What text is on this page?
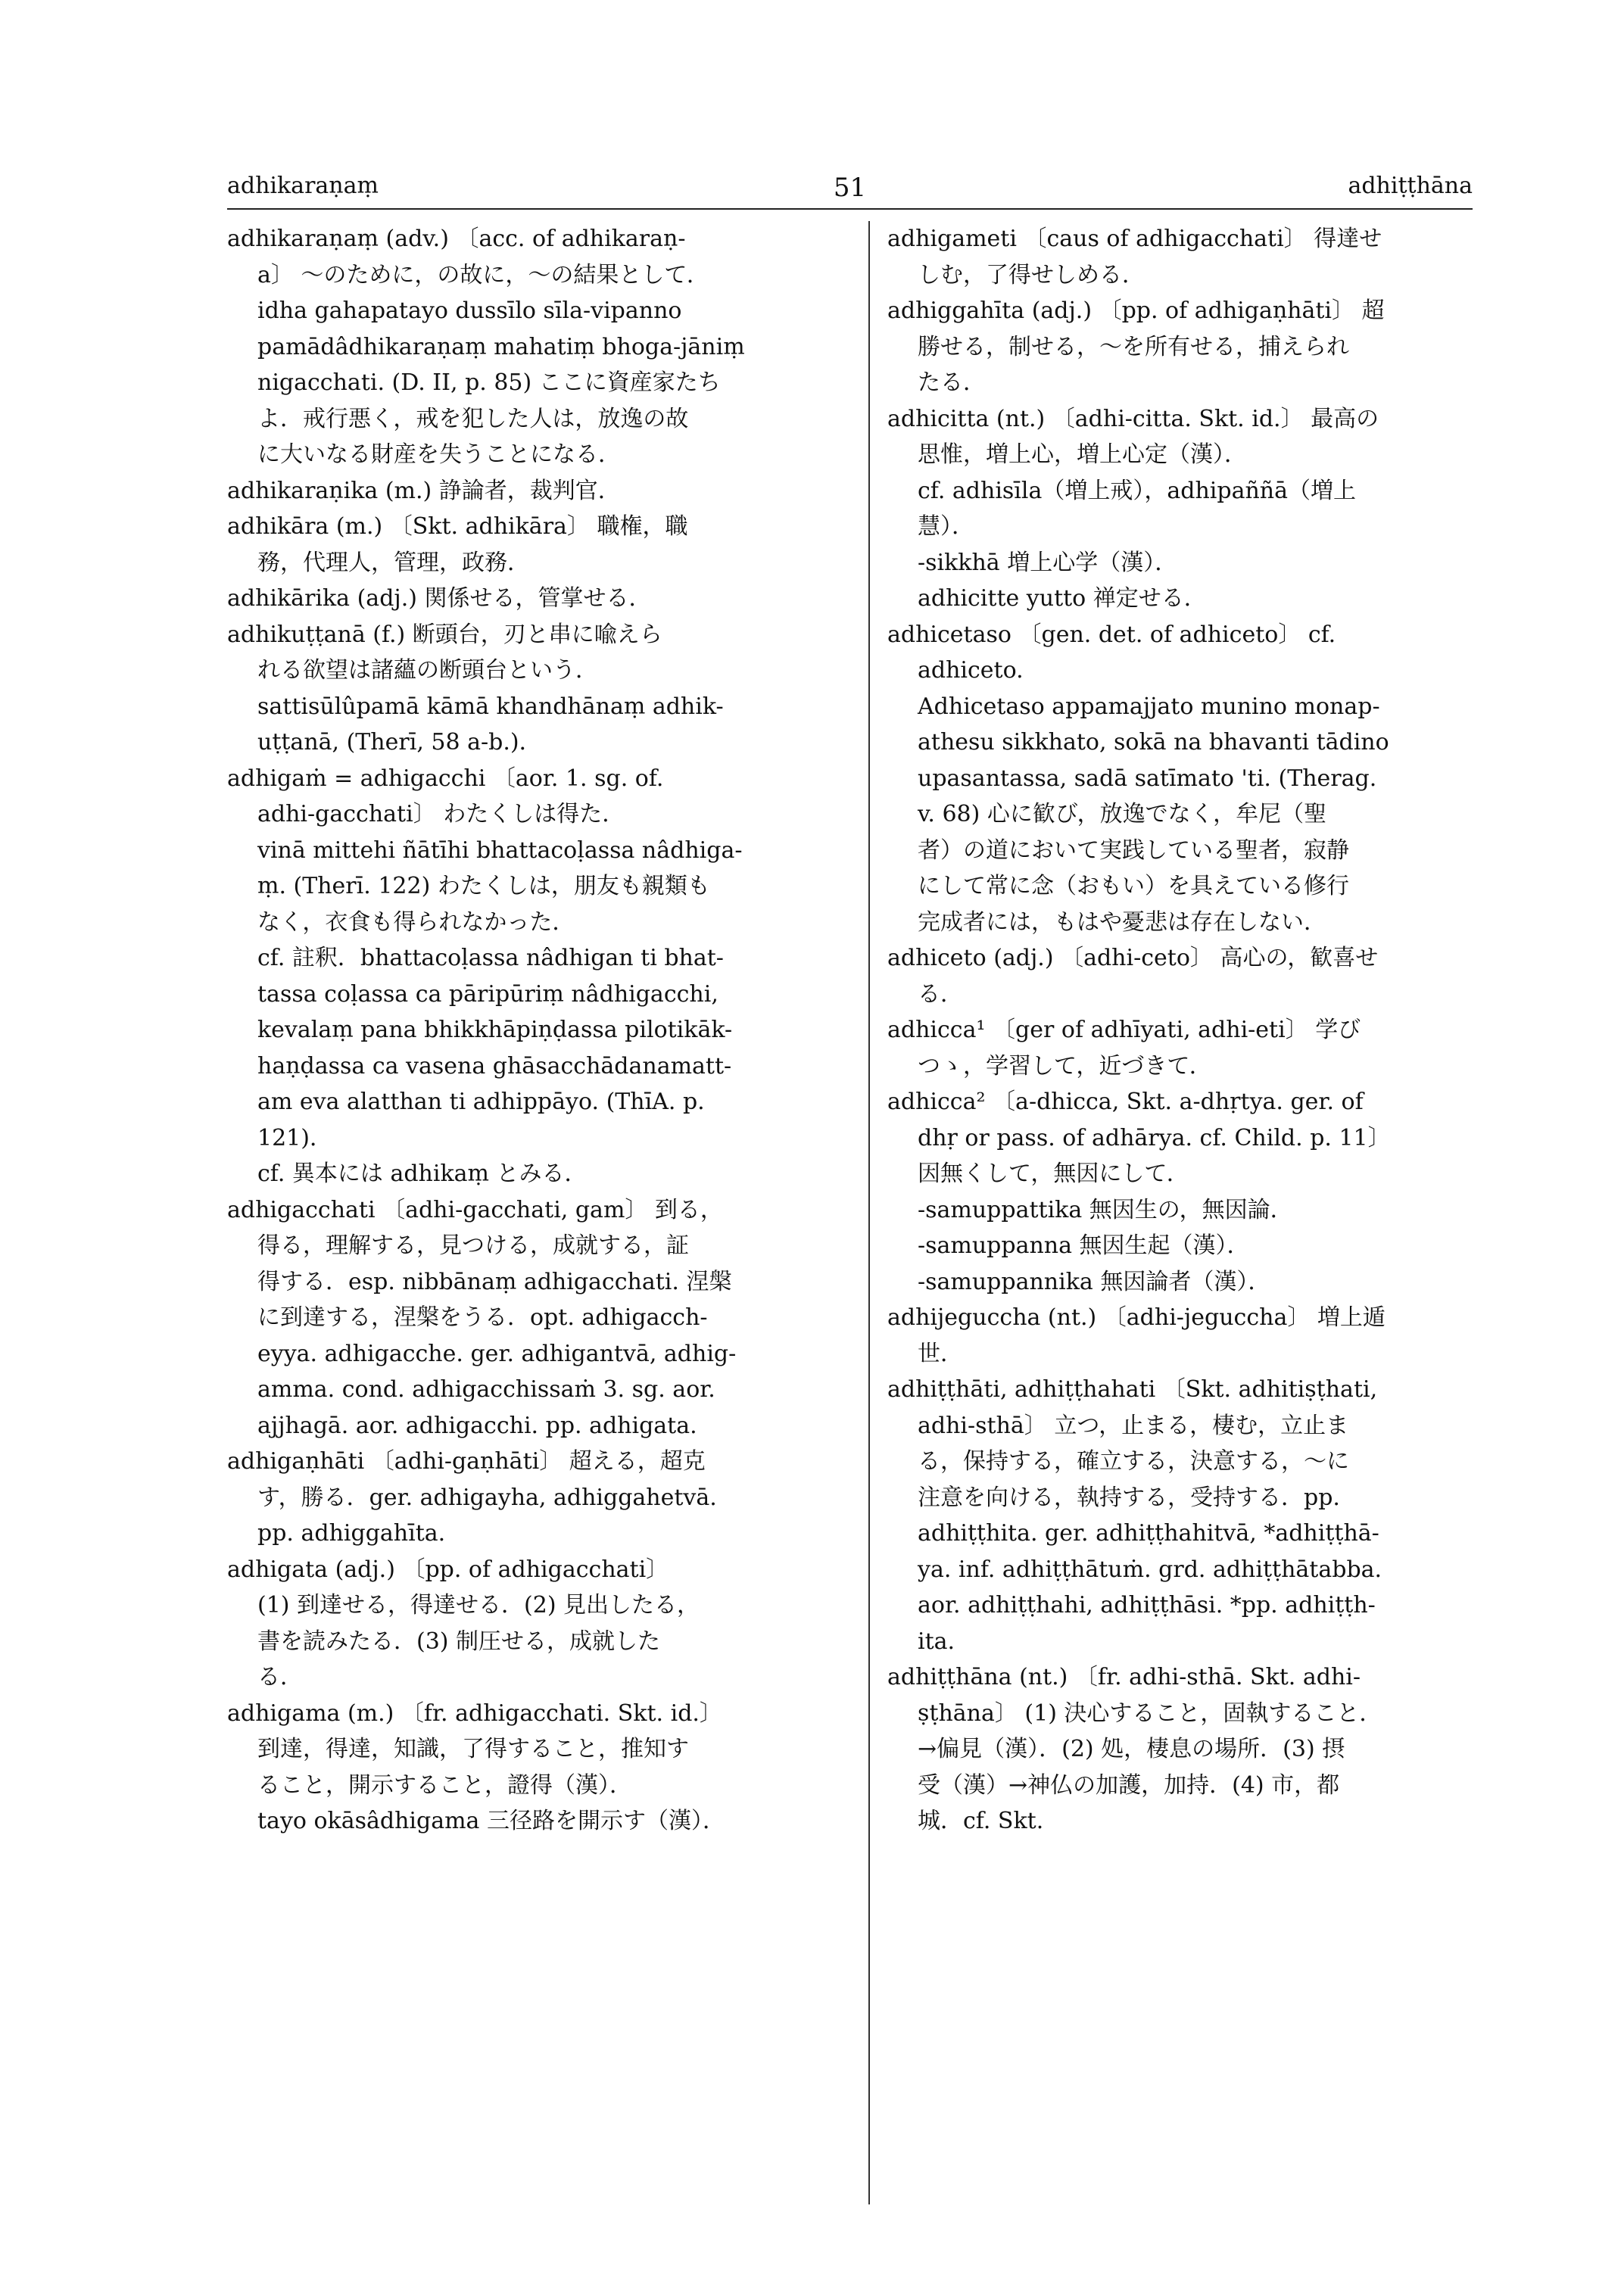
adhikaraṇaṃ	51	adhiṭṭhāna
adhikaraṇaṃ (adv.) 〔acc. of adhikaraṇ-
a〕 ～のために，の故に，～の結果として．
idha gahapatayo dussīlo sīla-vipanno
pamādâdhikaraṇaṃ mahatiṃ bhoga-jāniṃ
nigacchati. (D. II, p. 85) ここに資産家たち
よ．戒行悪く，戒を犯した人は，放逸の故
に大いなる財産を失うことになる．
adhikaraṇika (m.) 諍論者，裁判官．
adhikāra (m.) 〔Skt. adhikāra〕 職権，職
務，代理人，管理，政務．
adhikārika (adj.) 関係せる，管掌せる．
adhikuṭṭanā (f.) 断頭台，刃と串に喩えら
れる欲望は諸蘊の断頭台という．
sattisūlûpamā kāmā khandhānaṃ adhik-
uṭṭanā, (Therī, 58 a-b.)．
adhigaṁ = adhigacchi 〔aor. 1. sg. of.
adhi-gacchati〕 わたくしは得た．
vinā mittehi ñātīhi bhattacoḷassa nâdhiga-
ṃ. (Therī. 122) わたくしは，朋友も親類も
なく，衣食も得られなかった．
cf. 註釈．bhattacoḷassa nâdhigan ti bhat-
tassa coḷassa ca pāripūriṃ nâdhigacchi,
kevalaṃ pana bhikkhāpiṇḍassa pilotikāk-
haṇḍassa ca vasena ghāsacchādanamatt-
am eva alatthan ti adhippāyo. (ThīA. p.
121)．
cf. 異本には adhikaṃ とみる．
adhigacchati 〔adhi-gacchati, gam〕 到る，
得る，理解する，見つける，成就する，証
得する．esp. nibbānaṃ adhigacchati. 涅槃
に到達する，涅槃をうる．opt. adhigacch-
eyya. adhigacche. ger. adhigantvā, adhig-
amma. cond. adhigacchissaṁ 3. sg. aor.
ajjhagā. aor. adhigacchi. pp. adhigata.
adhigaṇhāti 〔adhi-gaṇhāti〕 超える，超克
す，勝る．ger. adhigayha, adhiggahetvā.
pp. adhiggahīta.
adhigata (adj.) 〔pp. of adhigacchati〕
(1) 到達せる，得達せる．(2) 見出したる，
書を読みたる．(3) 制圧せる，成就した
る．
adhigama (m.) 〔fr. adhigacchati. Skt. id.〕
到達，得達，知識，了得すること，推知す
ること，開示すること，證得（漢）．
tayo okāsâdhigama 三径路を開示す（漢）．
adhigameti 〔caus of adhigacchati〕 得達せ
しむ，了得せしめる．
adhiggahīta (adj.) 〔pp. of adhigaṇhāti〕 超
勝せる，制せる，～を所有せる，捕えられ
たる．
adhicitta (nt.) 〔adhi-citta. Skt. id.〕 最高の
思惟，増上心，増上心定（漢）．
cf. adhisīla（増上戒），adhipaññā（増上
慧）．
-sikkhā 増上心学（漢）．
adhicitte yutto 禅定せる．
adhicetaso 〔gen. det. of adhiceto〕 cf.
adhiceto.
Adhicetaso appamajjato munino monap-
athesu sikkhato, sokā na bhavanti tādino
upasantassa, sadā satīmato 'ti. (Therag.
v. 68) 心に歓び，放逸でなく，牟尼（聖
者）の道において実践している聖者，寂静
にして常に念（おもい）を具えている修行
完成者には，もはや憂悲は存在しない．
adhiceto (adj.) 〔adhi-ceto〕 高心の，歓喜せ
る．
adhicca¹ 〔ger of adhīyati, adhi-eti〕 学び
つゝ，学習して，近づきて．
adhicca² 〔a-dhicca, Skt. a-dhṛtya. ger. of
dhṛ or pass. of adhārya. cf. Child. p. 11〕
因無くして，無因にして．
-samuppattika 無因生の，無因論．
-samuppanna 無因生起（漢）．
-samuppannika 無因論者（漢）．
adhijeguccha (nt.) 〔adhi-jeguccha〕 増上遁
世．
adhiṭṭhāti, adhiṭṭhahati 〔Skt. adhitiṣṭhati,
adhi-sthā〕 立つ，止まる，棲む，立止ま
る，保持する，確立する，決意する，～に
注意を向ける，執持する，受持する．pp.
adhiṭṭhita. ger. adhiṭṭhahitvā, *adhiṭṭhā-
ya. inf. adhiṭṭhātuṁ. grd. adhiṭṭhātabba.
aor. adhiṭṭhahi, adhiṭṭhāsi. *pp. adhiṭṭh-
ita.
adhiṭṭhāna (nt.) 〔fr. adhi-sthā. Skt. adhi-
ṣṭhāna〕 (1) 決心すること，固執すること．
→偏見（漢）．(2) 処，棲息の場所．(3) 摂
受（漢）→神仏の加護，加持．(4) 市，都
城．cf. Skt.
